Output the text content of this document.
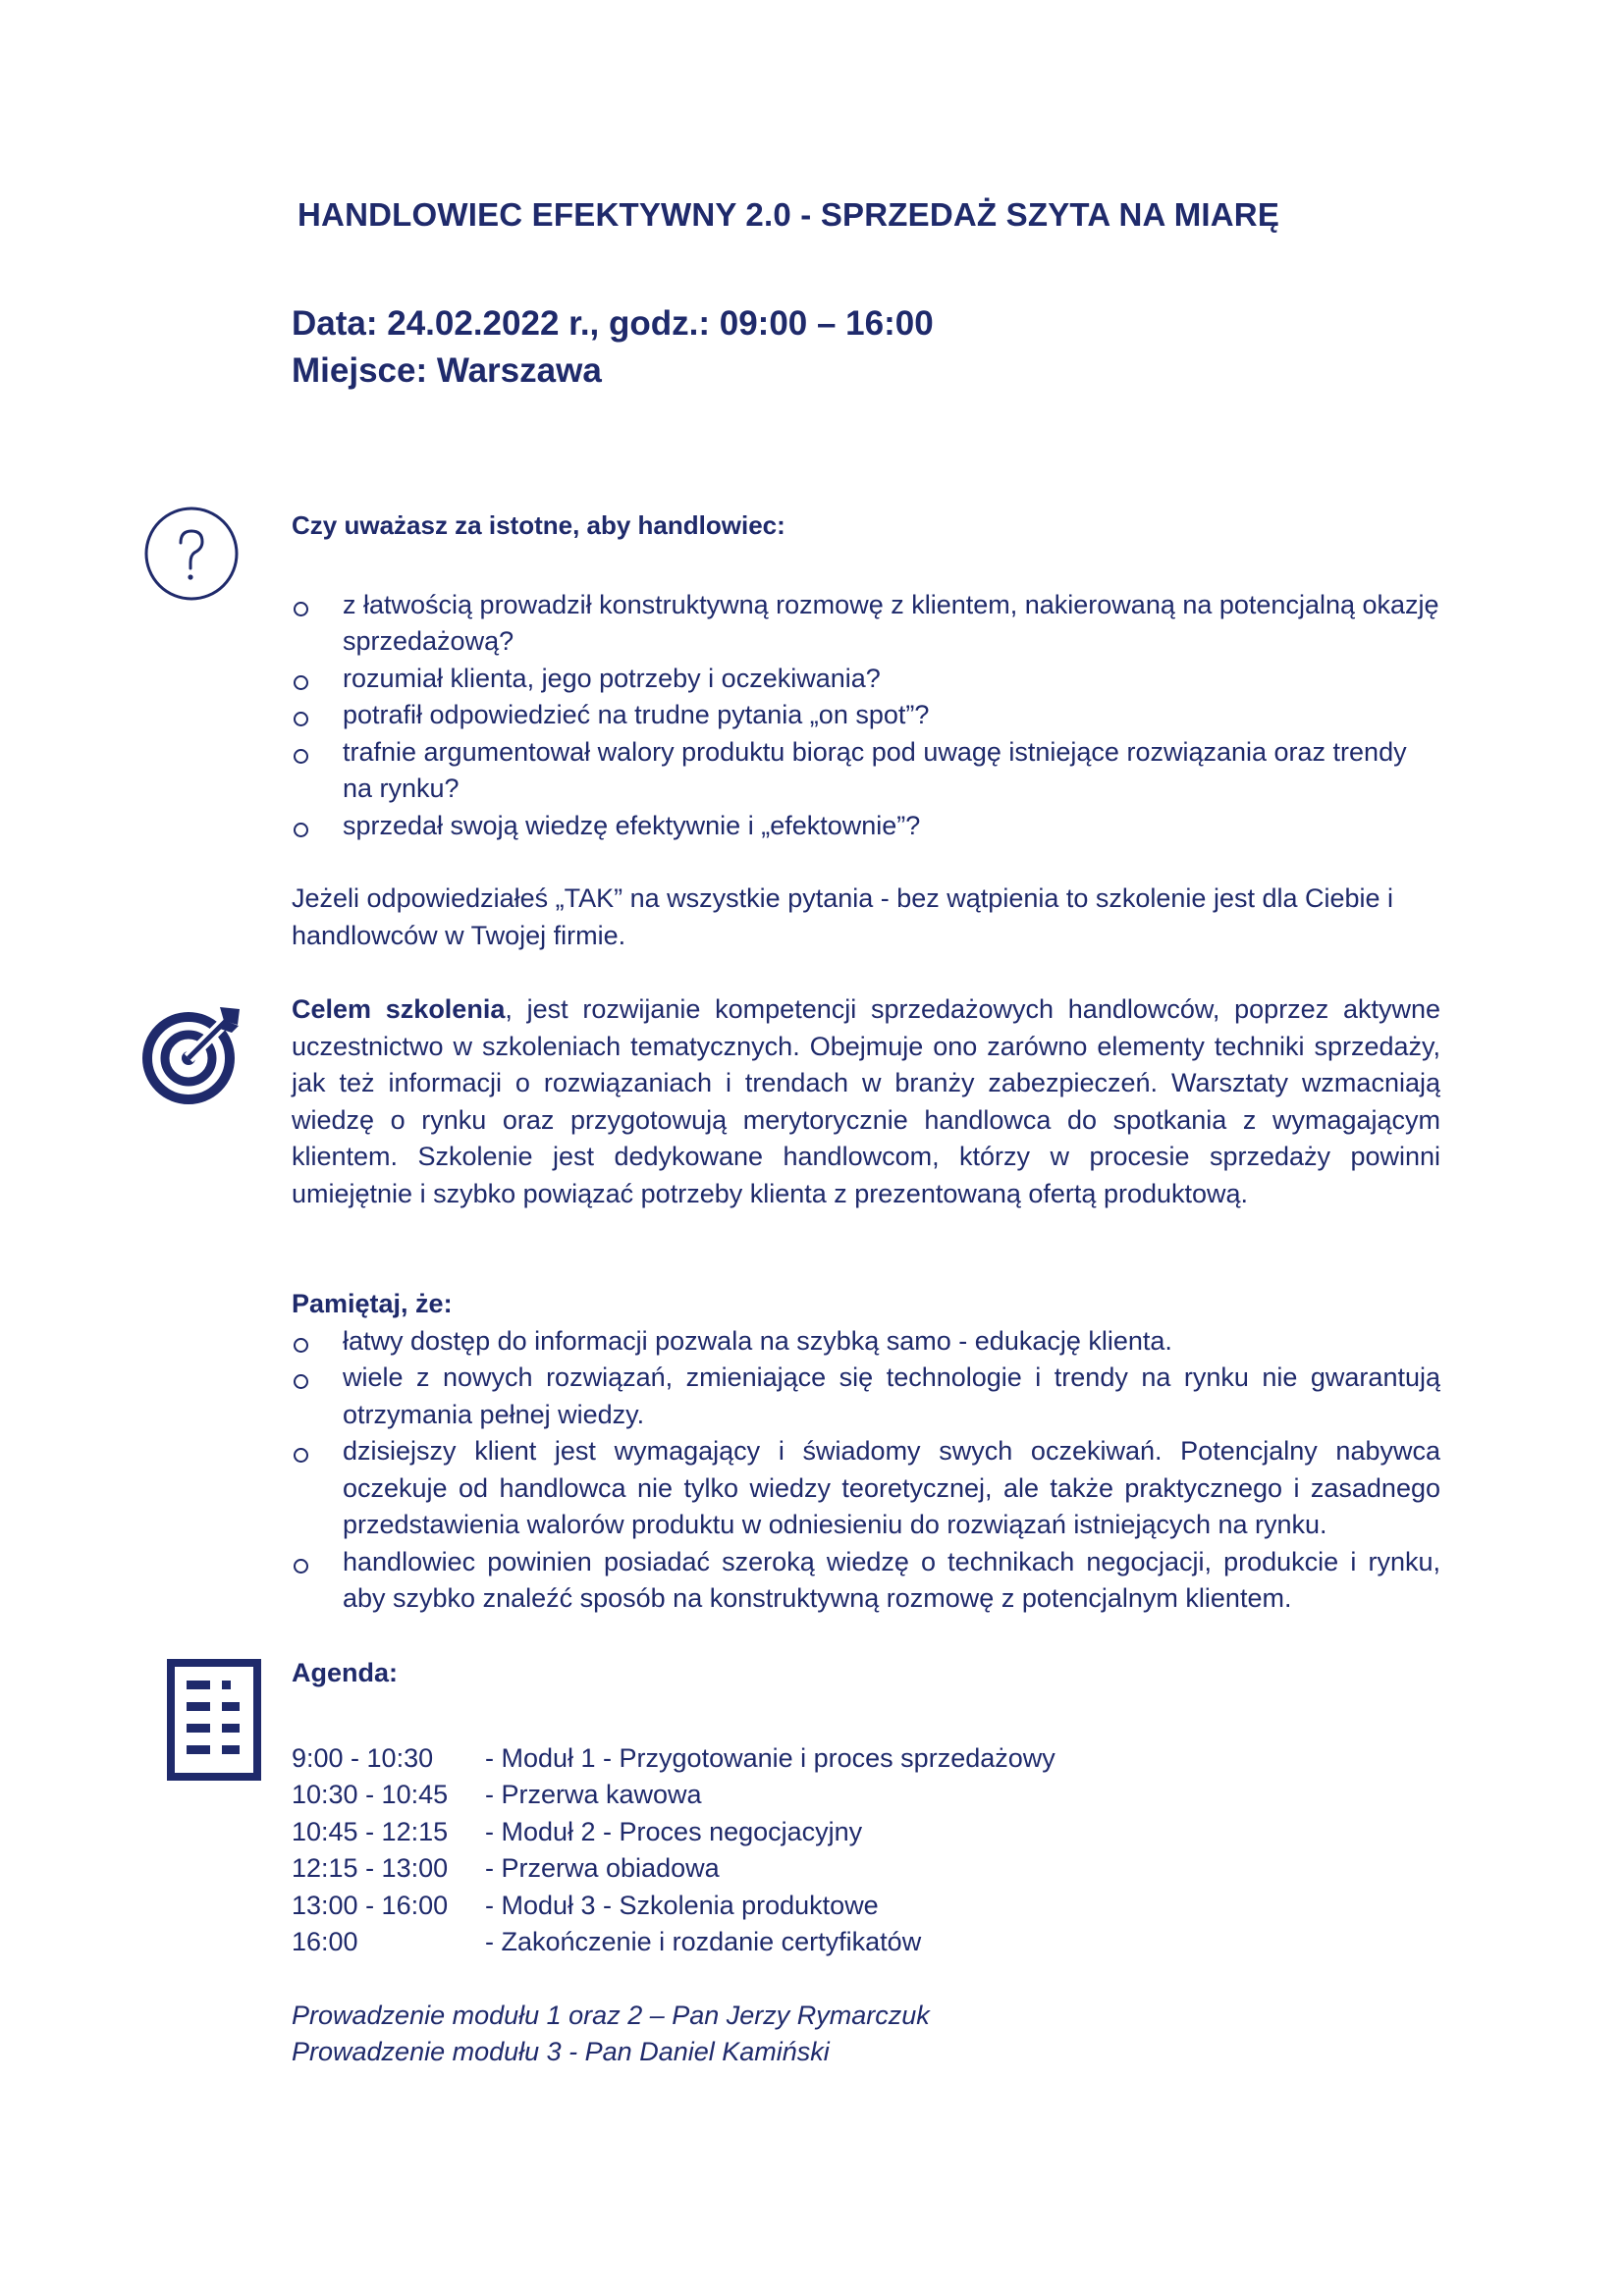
HANDLOWIEC EFEKTYWNY 2.0 - SPRZEDAŻ SZYTA NA MIARĘ
Data: 24.02.2022 r., godz.: 09:00 – 16:00
Miejsce: Warszawa
Czy uważasz za istotne, aby handlowiec:
z łatwością prowadził konstruktywną rozmowę z klientem, nakierowaną na potencjalną okazję sprzedażową?
rozumiał klienta, jego potrzeby i oczekiwania?
potrafił odpowiedzieć na trudne pytania „on spot”?
trafnie argumentował walory produktu biorąc pod uwagę istniejące rozwiązania oraz trendy na rynku?
sprzedał swoją wiedzę efektywnie i „efektownie”?
Jeżeli odpowiedziałeś „TAK” na wszystkie pytania - bez wątpienia to szkolenie jest dla Ciebie i handlowców w Twojej firmie.
Celem szkolenia, jest rozwijanie kompetencji sprzedażowych handlowców, poprzez aktywne uczestnictwo w szkoleniach tematycznych. Obejmuje ono zarówno elementy techniki sprzedaży, jak też informacji o rozwiązaniach i trendach w branży zabezpieczeń. Warsztaty wzmacniają wiedzę o rynku oraz przygotowują merytorycznie handlowca do spotkania z wymagającym klientem. Szkolenie jest dedykowane handlowcom, którzy w procesie sprzedaży powinni umiejętnie i szybko powiązać potrzeby klienta z prezentowaną ofertą produktową.
Pamiętaj, że:
łatwy dostęp do informacji pozwala na szybką samo - edukację klienta.
wiele z nowych rozwiązań, zmieniające się technologie i trendy na rynku nie gwarantują otrzymania pełnej wiedzy.
dzisiejszy klient jest wymagający i świadomy swych oczekiwań. Potencjalny nabywca oczekuje od handlowca nie tylko wiedzy teoretycznej, ale także praktycznego i zasadnego przedstawienia walorów produktu w odniesieniu do rozwiązań istniejących na rynku.
handlowiec powinien posiadać szeroką wiedzę o technikach negocjacji, produkcie i rynku, aby szybko znaleźć sposób na konstruktywną rozmowę z potencjalnym klientem.
Agenda:
9:00 - 10:30	- Moduł 1 - Przygotowanie i proces sprzedażowy
10:30 - 10:45	- Przerwa kawowa
10:45 - 12:15	- Moduł 2 - Proces negocjacyjny
12:15 - 13:00	- Przerwa obiadowa
13:00 - 16:00	- Moduł 3 - Szkolenia produktowe
16:00	- Zakończenie i rozdanie certyfikatów
Prowadzenie modułu 1 oraz 2 – Pan Jerzy Rymarczuk
Prowadzenie modułu 3 - Pan Daniel Kamiński
